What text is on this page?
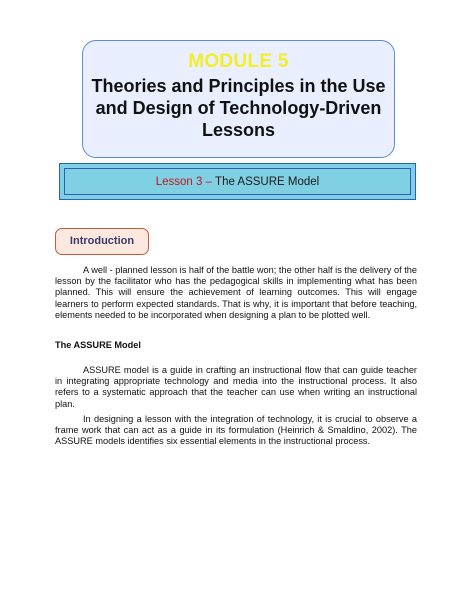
MODULE 5
Theories and Principles in the Use and Design of Technology-Driven Lessons
Lesson 3 – The ASSURE Model
Introduction

A well - planned lesson is half of the battle won; the other half is the delivery of the lesson by the facilitator who has the pedagogical skills in implementing what has been planned. This will ensure the achievement of learning outcomes. This will engage learners to perform expected standards. That is why, it is important that before teaching, elements needed to be incorporated when designing a plan to be plotted well.

The ASSURE Model

ASSURE model is a guide in crafting an instructional flow that can guide teacher in integrating appropriate technology and media into the instructional process. It also refers to a systematic approach that the teacher can use when writing an instructional plan.

In designing a lesson with the integration of technology, it is crucial to observe a frame work that can act as a guide in its formulation (Heinrich & Smaldino, 2002). The ASSURE models identifies six essential elements in the instructional process.
